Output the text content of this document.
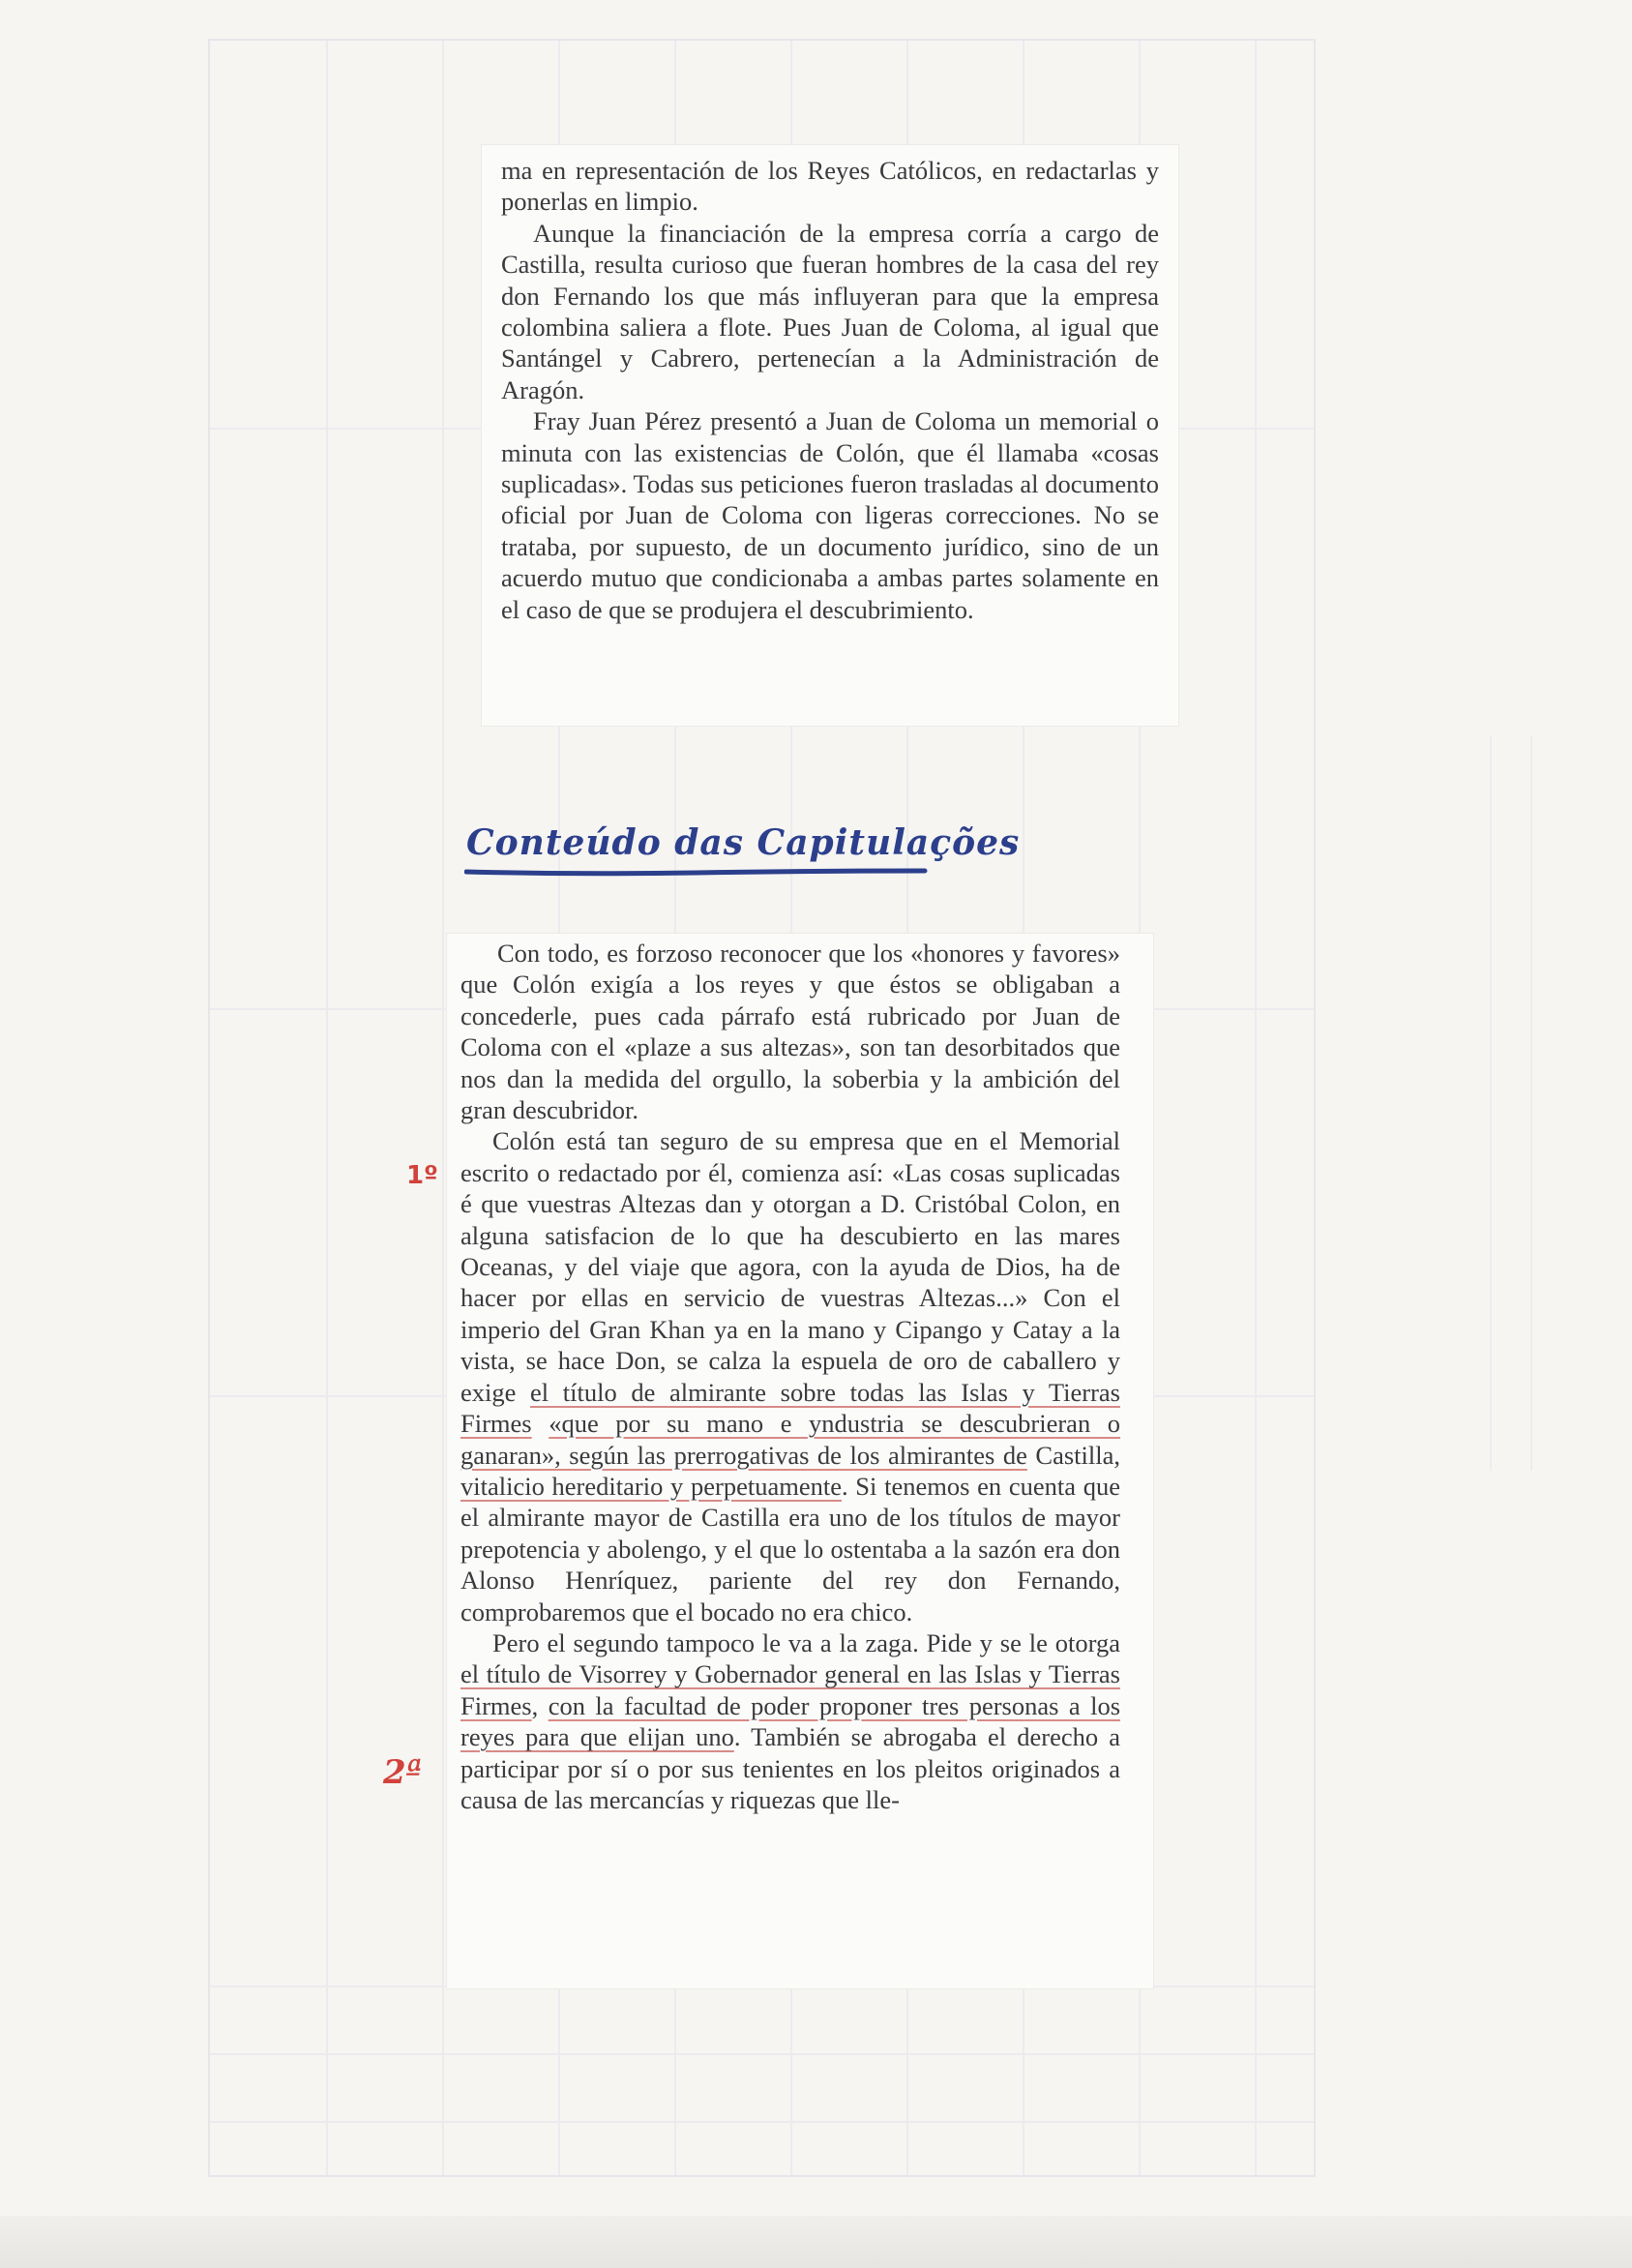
ma en representación de los Reyes Católicos, en redactarlas y ponerlas en limpio.

Aunque la financiación de la empresa corría a cargo de Castilla, resulta curioso que fueran hombres de la casa del rey don Fernando los que más influyeran para que la empresa colombina saliera a flote. Pues Juan de Coloma, al igual que Santángel y Cabrero, pertenecían a la Administración de Aragón.

Fray Juan Pérez presentó a Juan de Coloma un memorial o minuta con las existencias de Colón, que él llamaba «cosas suplicadas». Todas sus peticiones fueron trasladas al documento oficial por Juan de Coloma con ligeras correcciones. No se trataba, por supuesto, de un documento jurídico, sino de un acuerdo mutuo que condicionaba a ambas partes solamente en el caso de que se produjera el descubrimiento.

Conteúdo das Capitulações

Con todo, es forzoso reconocer que los «honores y favores» que Colón exigía a los reyes y que éstos se obligaban a concederle, pues cada párrafo está rubricado por Juan de Coloma con el «plaze a sus altezas», son tan desorbitados que nos dan la medida del orgullo, la soberbia y la ambición del gran descubridor.

Colón está tan seguro de su empresa que en el Memorial escrito o redactado por él, comienza así: «Las cosas suplicadas é que vuestras Altezas dan y otorgan a D. Cristóbal Colon, en alguna satisfacion de lo que ha descubierto en las mares Oceanas, y del viaje que agora, con la ayuda de Dios, ha de hacer por ellas en servicio de vuestras Altezas...» Con el imperio del Gran Khan ya en la mano y Cipango y Catay a la vista, se hace Don, se calza la espuela de oro de caballero y exige el título de almirante sobre todas las Islas y Tierras Firmes «que por su mano e yndustria se descubrieran o ganaran», según las prerrogativas de los almirantes de Castilla, vitalicio hereditario y perpetuamente. Si tenemos en cuenta que el almirante mayor de Castilla era uno de los títulos de mayor prepotencia y abolengo, y el que lo ostentaba a la sazón era don Alonso Henríquez, pariente del rey don Fernando, comprobaremos que el bocado no era chico.

Pero el segundo tampoco le va a la zaga. Pide y se le otorga el título de Visorrey y Gobernador general en las Islas y Tierras Firmes, con la facultad de poder proponer tres personas a los reyes para que elijan uno. También se abrogaba el derecho a participar por sí o por sus tenientes en los pleitos originados a causa de las mercancías y riquezas que lle-

1º

2ª
